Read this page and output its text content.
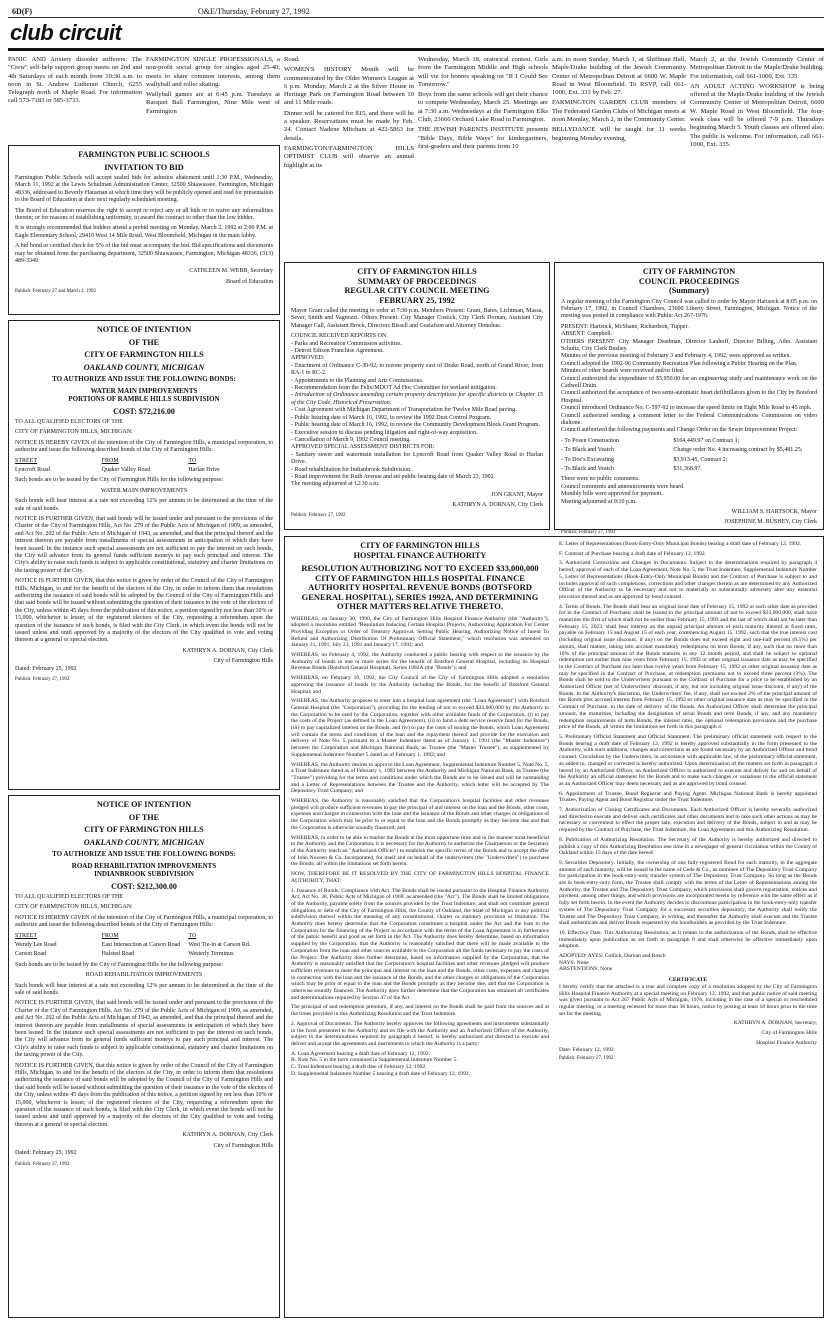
6D(F)	O&E/Thursday, February 27, 1992
club circuit

PANIC AND Anxiety disorder sufferers: The "Crew" self-help support group meets on 2nd and 4th Saturdays of each month from 10:30 a.m. to noon in St. Andrew Lutheran Church, 6255 Telegraph north of Maple Road. For information call 573-7183 or 585-3733.

FARMINGTON SINGLE PROFESSIONALS, a non-profit social group for singles aged 25-40, meets to share common interests, among them wallyball and roller skating.

Wallyball games are at 6:45 p.m. Tuesdays at Racquet Ball Farmington, Nine Mile west of Farmington

Road.

WOMEN'S HISTORY Month will be commemorated by the Older Women's League at 6 p.m. Monday, March 2 at the Silver House in Heritage Park on Farmington Road between 10 and 11 Mile roads.

Dinner will be catered for $15, and there will be a speaker. Reservations must be made by Feb. 24. Contact Nadene Mitcham at 422-5863 for details.

FARMINGTON/FARMINGTON HILLS OPTIMIST CLUB will observe an annual highlight at its

Wednesday, March 18, oratorical contest. Girls from the Farmington Middle and High schools will vie for honors speaking on "If I Could See Tomorrow."

Boys from the same schools will get their chance to compete Wednesday, March 25. Meetings are at 7:30 a.m. Wednesdays at the Farmington Elks Club, 23666 Orchard Lake Road in Farmington.

THE JEWISH PARENTS INSTITUTE presents "Bible Days, Bible Ways" for kindergartners, first-graders and their parents from 10

a.m. to noon Sunday, March 1, at Shiffman Hall, Maple/Drake building of the Jewish Community Center of Metropolitan Detroit at 6600 W. Maple Road in West Bloomfield. To RSVP, call 661-1000, Ext. 333 by Feb. 27.

FARMINGTON GARDEN CLUB members of The Federated Garden Clubs of Michigan meets at noon Monday, March 2, in the Community Center.

BELLYDANCE will be taught for 11 weeks beginning Monday evening,

March 2, at the Jewish Community Center of Metropolitan Detroit in the Maple/Drake building. For information, call 661-1000, Ext. 335.

AN ADULT ACTING WORKSHOP is being offered at the Maple/Drake building of the Jewish Community Center of Metropolitan Detroit, 6600 W. Maple Road in West Bloomfield. The four-week class will be offered 7-9 p.m. Thursdays beginning March 5. Youth classes are offered also. The public is welcome. For information, call 661-1000, Ext. 335.

FARMINGTON PUBLIC SCHOOLS
INVITATION TO BID

Farmington Public Schools will accept sealed bids for asbestos abatement until 1:30 P.M., Wednesday, March 11, 1992 at the Lewis Schulman Administration Center, 32500 Shiawassee, Farmington, Michigan 48336, addressed to Beverly Hausman at which time they will be publicly opened and read for presentation to the Board of Education at their next regularly scheduled meeting.

The Board of Education reserves the right to accept or reject any or all bids or to waive any informalities therein; or for reasons of establishing uniformity, to award the contract to other than the low bidder.

It is strongly recommended that bidders attend a prebid meeting on Monday, March 2, 1992 at 2:00 P.M. at Eagle Elementary School, 29410 West 14 Mile Road, West Bloomfield, Michigan in the main lobby.

A bid bond or certified check for 5% of the bid must accompany the bid. Bid specifications and documents may be obtained from the purchasing department, 32500 Shiawassee, Farmington, Michigan 48336, (313) 489-3349.

CATHLEEN M. WEBB, Secretary
Board of Education
Publish: February 27 and March 2, 1992
NOTICE OF INTENTION
OF THE
CITY OF FARMINGTON HILLS
OAKLAND COUNTY, MICHIGAN
TO AUTHORIZE AND ISSUE THE FOLLOWING BONDS:
WATER MAIN IMPROVEMENTS
PORTIONS OF RAMBLE HILLS SUBDIVISION
COST: $72,216.00

TO ALL QUALIFIED ELECTORS OF THE

CITY OF FARMINGTON HILLS, MICHIGAN:

NOTICE IS HEREBY GIVEN of the intention of the City of Farmington Hills, a municipal corporation, to authorize and issue the following described bonds of the City of Farmington Hills:

STREET	FROM	TO
Lyncroft Road	Quaker Valley Road	Harlan Drive

Such bonds are to be issued by the City of Farmington Hills for the following purpose:

WATER MAIN IMPROVEMENTS

Such bonds will bear interest at a rate not exceeding 12% per annum to be determined at the time of the sale of said bonds.

NOTICE IS FURTHER GIVEN, that said bonds will be issued under and pursuant to the provisions of the Charter of the City of Farmington Hills, Act No. 279 of the Public Acts of Michigan of 1909, as amended, and Act No. 202 of the Public Acts of Michigan of 1943, as amended, and that the principal thereof and the interest thereon are payable from installments of special assessments in anticipation of which they have been issued. In the instance such special assessments are not sufficient to pay the interest on such bonds, the City will advance from its general funds sufficient moneys to pay such principal and interest. The City's ability to raise such funds is subject to applicable constitutional, statutory and charter limitations on the taxing power of the City.

NOTICE IS FURTHER GIVEN, that this notice is given by order of the Council of the City of Farmington Hills, Michigan, to and for the benefit of the electors of the City, in order to inform them that resolutions authorizing the issuance of said bonds will be adopted by the Council of the City of Farmington Hills and that said bonds will be issued without submitting the question of their issuance to the vote of the electors of the City, unless within 45 days from the publication of this notice, a petition signed by not less than 10% or 15,000, whichever is lesser, of the registered electors of the City, requesting a referendum upon the question of the issuance of such bonds, is filed with the City Clerk, in which event the bonds will not be issued unless and until approved by a majority of the electors of the City qualified to vote and voting thereon at a general or special election.

KATHRYN A. DORNAN, City Clerk
City of Farmington Hills

Dated: February 25, 1992

Publish: February 27, 1992
NOTICE OF INTENTION
OF THE
CITY OF FARMINGTON HILLS
OAKLAND COUNTY, MICHIGAN
TO AUTHORIZE AND ISSUE THE FOLLOWING BONDS:
ROAD REHABILITATION IMPROVEMENTS
INDIANBROOK SUBDIVISION
COST: $212,300.00

TO ALL QUALIFIED ELECTORS OF THE

CITY OF FARMINGTON HILLS, MICHIGAN:

NOTICE IS HEREBY GIVEN of the intention of the City of Farmington Hills, a municipal corporation, to authorize and issue the following described bonds of the City of Farmington Hills:

STREET	FROM	TO
Wendy Lee Road	East Intersection at Carson Road	West Tie-in at Carson Rd.
Carson Road	Halsted Road	Westerly Terminus

Such bonds are to be issued by the City of Farmington Hills for the following purpose:

ROAD REHABILITATION IMPROVEMENTS

Such bonds will bear interest at a rate not exceeding 12% per annum to be determined at the time of the sale of said bonds.

NOTICE IS FURTHER GIVEN, that said bonds will be issued under and pursuant to the provisions of the Charter of the City of Farmington Hills, Act No. 279 of the Public Acts of Michigan of 1909, as amended, and Act No. 202 of the Public Acts of Michigan of 1943, as amended, and that the principal thereof and the interest thereon are payable from installments of special assessments in anticipation of which they have been issued. In the instance such special assessments are not sufficient to pay the interest on such bonds, the City will advance from its general funds sufficient moneys to pay such principal and interest. The City's ability to raise such funds is subject to applicable constitutional, statutory and charter limitations on the taxing power of the City.

NOTICE IS FURTHER GIVEN, that this notice is given by order of the Council of the City of Farmington Hills, Michigan, to and for the benefit of the electors of the City, in order to inform them that resolutions authorizing the issuance of said bonds will be adopted by the Council of the City of Farmington Hills and that said bonds will be issued without submitting the question of their issuance to the vote of the electors of the City, unless within 45 days from the publication of this notice, a petition signed by not less than 10% or 15,000, whichever is lesser, of the registered electors of the City, requesting a referendum upon the question of the issuance of such bonds, is filed with the City Clerk, in which event the bonds will not be issued unless and until approved by a majority of the electors of the City qualified to vote and voting thereon at a general or special election.

KATHRYN A. DORNAN, City Clerk
City of Farmington Hills

Dated: February 25, 1992

Publish: February 27, 1992
CITY OF FARMINGTON HILLS
SUMMARY OF PROCEEDINGS
REGULAR CITY COUNCIL MEETING
FEBRUARY 25, 1992

Mayor Grant called the meeting to order at 7:30 p.m. Members Present: Grant, Bates, Lichtman, Massa, Sever, Smith and Vagnozzi. Others Present: City Manager Costick, City Clerk Dornan, Assistant City Manager Call, Assistant Brock, Directors Bissell and Gustafson and Attorney Donohue.

COUNCIL RECEIVED REPORTS ON:
- Parks and Recreation Commission activities.
- Detroit Edison Franchise Agreement.
APPROVED:
- Enactment of Ordinance C-30-92, to rezone property east of Drake Road, north of Grand River, from RA-1 to RC-2.
- Appointments to the Planning and Arts Commissions.
- Recommendation from the Felix/MDOT Ad Hoc Committee for wetland mitigation.
- Introduction of Ordinance amending certain property descriptions for specific districts in Chapter 15 of the City Code, Historical Preservation.
- Cost Agreement with Michigan Department of Transportation for Twelve Mile Road paving.
- Public hearing date of March 16, 1992, to review the 1992 Dust Control Program.
- Public hearing date of March 16, 1992, to review the Community Development Block Grant Program.
- Executive session to discuss pending litigation and right-of-way acquisition.
- Cancellation of March 9, 1992 Council meeting.
APPROVED SPECIAL ASSESSMENT DISTRICTS FOR:
- Sanitary sewer and watermain installation for Lyncroft Road from Quaker Valley Road to Harlan Drive.
- Road rehabilitation for Indianbrook Subdivision.
- Road improvement for Ruth Avenue and set public hearing date of March 23, 1992.

The meeting adjourned at 12:30 a.m.

JON GRANT, Mayor
KATHRYN A. DORNAN, City Clerk
Publish: February 27, 1992
CITY OF FARMINGTON
COUNCIL PROCEEDINGS
(Summary)

A regular meeting of the Farmington City Council was called to order by Mayor Hartsock at 8:05 p.m. on February 17, 1992, in Council Chambers, 23600 Liberty Street, Farmington, Michigan. Notice of the meeting was posted in compliance with Public Act 267-1976.

PRESENT: Hartsock, McShane, Richardson, Tupper.
ABSENT: Campbell.
OTHERS PRESENT: City Manager Deadman, Director Lauhoff, Director Billing, Adm. Assistant Schultz, City Clerk Bushey.
Minutes of the previous meeting of February 3 and February 4, 1992, were approved as written.
Council adopted the 1992-96 Community Recreation Plan following a Public Hearing on the Plan.
Minutes of other boards were received and/or filed.
Council authorized the expenditure of $5,950.00 for an engineering study and maintenance work on the Cadwell Drain.
Council authorized the acceptance of two semi-automatic heart defibrillators given to the City by Botsford Hospital.
Council introduced Ordinance No. C-597-92 to increase the speed limits on Eight Mile Road to 45 mph.
Council authorized sending a comment letter to the Federal Communications Commission on video dialtone.
Council authorized the following payments and Change Order on the Sewer Improvement Project:
- To Posen Construction	$164,449.97 on Contract 1;
- To Black and Veatch	Change order No. 4 increasing contract by $5,481.25;
- To Doc's Excavating	$3,913.45, Contract 2;
- To Black and Veatch	$31,368.97.
There were no public comments.
Council comments and announcements were heard.
Monthly bills were approved for payment.
Meeting adjourned at 9:10 p.m.
WILLIAM S. HARTSOCK, Mayor
JOSEPHINE M. BUSHEY, City Clerk
Publish: February 27, 1992
CITY OF FARMINGTON HILLS
HOSPITAL FINANCE AUTHORITY
RESOLUTION AUTHORIZING NOT TO EXCEED $33,000,000 CITY OF FARMINGTON HILLS HOSPITAL FINANCE AUTHORITY HOSPITAL REVENUE BONDS (BOTSFORD GENERAL HOSPITAL), SERIES 1992A, AND DETERMINING OTHER MATTERS RELATIVE THERETO.

WHEREAS, on January 30, 1990, the City of Farmington Hills Hospital Finance Authority (the "Authority"), adopted a resolution entitled "Resolution Inducing Certain Hospital Projects, Authorizing Application For Center Providing Exception or Order of Treasury Approval, Setting Public Hearing, Authorizing Notice of Intent To Refund and Authorizing Distribution Of Preliminary Official Statement," which resolution was amended on January 31, 1991, July 23, 1991 and January 17, 1992; and

WHEREAS, on February 4, 1992, the Authority conducted a public hearing with respect to the issuance by the Authority of bonds in one or more series for the benefit of Botsford General Hospital, including its Hospital Revenue Bonds (Botsford General Hospital), Series 1992A (the "Bonds"); and

WHEREAS, on February 10, 1992, the City Council of the City of Farmington Hills adopted a resolution approving the issuance of bonds by the Authority including the Bonds, for the benefit of Botsford General Hospital; and

WHEREAS, the Authority proposes to enter into a hospital loan agreement (the "Loan Agreement") with Botsford General Hospital (the "Corporation"), providing for the lending of not to exceed $33,000,000 by the Authority to the Corporation to be used by the Corporation, together with other available funds of the Corporation, (i) to pay the costs of the Project (as defined in the Loan Agreement), (ii) to fund a debt service reserve fund for the Bonds, (iii) to pay capitalized interest on the Bonds, and (iv) to pay the costs of issuing the Bonds, which Loan Agreement will contain the terms and conditions of the loan and the repayment thereof and provide for the execution and delivery of Note No. 5 pursuant to a Master Indenture dated as of January 1, 1991 (the "Master Indenture") between the Corporation and Michigan National Bank, as Trustee (the "Master Trustee"), as supplemented by Supplemental Indenture Number 5 dated as of February 1, 1992; and

WHEREAS, the Authority desires to approve the Loan Agreement, Supplemental Indenture Number 5, Note No. 5, a Trust Indenture dated as of February 1, 1992 between the Authority and Michigan National Bank, as Trustee (the "Trustee") providing for the terms and conditions under which the Bonds are to be issued and will be outstanding and a Letter of Representations between the Trustee and the Authority, which letter will be accepted by The Depository Trust Company; and

WHEREAS, the Authority is reasonably satisfied that the Corporation's hospital facilities and other revenues pledged will produce sufficient revenues to pay the principal of and interest on the loan and the Bonds, other costs, expenses and charges in connection with the loan and the issuance of the Bonds and other charges or obligations of the Corporation which may be prior to or equal to the loan and the Bonds promptly as they become due and that the Corporation is otherwise soundly financed; and

WHEREAS, in order to be able to market the Bonds at the most opportune time and in the manner most beneficial to the Authority and the Corporation, it is necessary for the Authority to authorize the Chairperson or the Secretary of the Authority (each an "Authorized Officer") to establish the specific terms of the Bonds and to accept the offer of John Nuveen & Co. Incorporated, for itself and on behalf of the underwriters (the "Underwriters") to purchase the Bonds, all within the limitations set forth herein.

NOW, THEREFORE BE IT RESOLVED BY THE CITY OF FARMINGTON HILLS HOSPITAL FINANCE AUTHORITY, THAT:

1. Issuance of Bonds; Compliance with Act. The Bonds shall be issued pursuant to the Hospital Finance Authority Act, Act No. 38, Public Acts of Michigan of 1969, as amended (the "Act"). The Bonds shall be limited obligations of the Authority, payable solely from the sources provided by the Trust Indenture, and shall not constitute general obligations or debt of the City of Farmington Hills, the County of Oakland, the State of Michigan or any political subdivision thereof within the meaning of any constitutional, charter or statutory provision or limitation. The Authority does hereby determine that the Corporation constitutes a hospital under the Act and the loan to the Corporation for the financing of the Project in accordance with the terms of the Loan Agreement is in furtherance of the public benefit and good as set forth in the Act. The Authority does hereby determine, based on information supplied by the Corporation, that the Authority is reasonably satisfied that there will be made available to the Corporation from the loan and other sources available to the Corporation all the funds necessary to pay the costs of the Project. The Authority does further determine, based on information supplied by the Corporation, that the Authority is reasonably satisfied that the Corporation's hospital facilities and other revenues pledged will produce sufficient revenues to meet the principal and interest on the loan and the Bonds, other costs, expenses and charges in connection with the loan and the issuance of the Bonds, and the other charges or obligations of the Corporation which may be prior or equal to the loan and the Bonds promptly as they become due, and that the Corporation is otherwise soundly financed. The Authority does further determine that the Corporation has obtained all certificates and determinations required by Section 47 of the Act.

The principal of and redemption premium, if any, and interest on the Bonds shall be paid from the sources and at the times provided in this Authorizing Resolution and the Trust Indenture.

2. Approval of Documents. The Authority hereby approves the following agreements and instruments substantially in the form presented to the Authority and on file with the Authority and an Authorized Officer of the Authority, subject to the determinations required by paragraph 4 hereof, is hereby authorized and directed to execute and deliver and accept the agreements and instruments to which the Authority is a party:

A. Loan Agreement bearing a draft date of February 12, 1992.
B. Note No. 5 in the form contained in Supplemental Indenture Number 5.
C. Trust Indenture bearing a draft date of February 12, 1992.
D. Supplemental Indenture Number 5 bearing a draft date of February 12, 1992.

E. Letter of Representations (Book-Entry-Only Municipal Bonds) bearing a draft date of February 12, 1992.

F. Contract of Purchase bearing a draft date of February 12, 1992.

3. Authorized Corrections and Changes in Documents. Subject to the determinations required by paragraph 4 hereof, approval of each of the Loan Agreement, Note No. 5, the Trust Indenture, Supplemental Indenture Number 5, Letter of Representations (Book-Entry-Only Municipal Bonds) and the Contract of Purchase is subject to and includes approval of such completions, corrections and other changes therein as are determined by any Authorized Officer of the Authority to be necessary and not to materially or substantially adversely alter any essential provision thereof and as are approved by bond counsel.

4. Terms of Bonds. The Bonds shall bear an original issue date of February 15, 1992 or such other date as provided for in the Contract of Purchase; shall be issued in the principal amount of not to exceed $33,000,000, shall have maturities the first of which shall not be earlier than February 15, 1993 and the last of which shall not be later than February 15, 2023, shall bear interest on the unpaid principal amount of each maturity thereof at fixed rates, payable on February 15 and August 15 of each year, commencing August 15, 1992, such that the true interest cost (including original issue discount, if any) on the Bonds does not exceed eight and one-half percent (8.5%) per annum, shall mature, taking into account mandatory redemptions on term Bonds, if any, such that no more than 10% of the principal amount of the Bonds matures in any 12 month period, and shall be subject to optional redemption not earlier than nine years from February 15, 1992 or other original issuance date as may be specified in the Contract of Purchase nor later than twelve years from February 15, 1992 or other original issuance date as may be specified in the Contract of Purchase, at redemption premiums not to exceed three percent (3%). The Bonds shall be sold to the Underwriters pursuant to the Contract of Purchase for a price to be established by an Authorized Officer (net of Underwriters' discount, if any, but not including original issue discount, if any) of the Bonds. In the Authority's discretion, the Underwriters' fee, if any, shall not exceed 2% of the principal amount of the Bonds plus accrued interest from February 15, 1992 or other original issuance date as may be specified in the Contract of Purchase, to the date of delivery of the Bonds. An Authorized Officer shall determine the principal amount, the maturities, including the designation of serial Bonds and term Bonds, if any, and any mandatory redemption requirements of term Bonds, the interest rates, the optional redemption provisions and the purchase price of the Bonds, all within the limitations set forth in this paragraph 4.

5. Preliminary Official Statement and Official Statement. The preliminary official statement with respect to the Bonds bearing a draft date of February 12, 1992 is hereby approved substantially in the form presented to the Authority, with such additions, changes and corrections as are found necessary by an Authorized Officer and bond counsel. Circulation by the Underwriters, in accordance with applicable law, of the preliminary official statement, as added to, changed or corrected is hereby authorized. Upon determination of the matters set forth in paragraph 4 hereof by an Authorized Officer, an Authorized Officer is authorized to execute and deliver for and on behalf of the Authority an official statement for the Bonds and to make such changes or variations to the official statement as an Authorized Officer may deem necessary and as are approved by bond counsel.

6. Appointment of Trustee, Bond Registrar and Paying Agent. Michigan National Bank is hereby appointed Trustee, Paying Agent and Bond Registrar under the Trust Indenture.

7. Authorization of Closing Certificates and Documents. Each Authorized Officer is hereby severally authorized and directed to execute and deliver such certificates and other documents and to take such other actions as may be necessary or convenient to effect the proper sale, execution and delivery of the Bonds, subject to and as may be required by the Contract of Purchase, the Trust Indenture, the Loan Agreement and this Authorizing Resolution.

8. Publication of Authorizing Resolution. The Secretary of the Authority is hereby authorized and directed to publish a copy of this Authorizing Resolution one time in a newspaper of general circulation within the County of Oakland within 15 days of the date hereof.

9. Securities Depository. Initially, the ownership of one fully-registered Bond for each maturity, in the aggregate amount of such maturity, will be issued in the name of Cede & Co., as nominee of The Depository Trust Company for participation in the book-entry-only transfer system of The Depository Trust Company. So long as the Bonds are in book-entry-only form, the Trustee shall comply with the terms of the Letter of Representations among the Authority, the Trustee and The Depository Trust Company, which provisions shall govern registration, notices and payment, among other things, and which provisions are incorporated herein by reference with the same effect as if fully set forth herein. In the event the Authority decides to discontinue participation in the book-entry-only transfer system of The Depository Trust Company for a successor securities depository, the Authority shall notify the Trustee and The Depository Trust Company, in writing, and thereafter the Authority shall execute and the Trustee shall authenticate and deliver Bonds requested by the bondholders as provided by the Trust Indenture.

10. Effective Date. This Authorizing Resolution, as it relates to the authorization of the Bonds, shall be effective immediately upon publication as set forth in paragraph 8 and shall otherwise be effective immediately upon adoption.

ADOPTED: AYES: Cotlick, Dornan and Rosch
NAYS: None
ABSTENTIONS: None
CERTIFICATE

I hereby certify that the attached is a true and complete copy of a resolution adopted by the City of Farmington Hills Hospital Finance Authority at a special meeting on February 12, 1992, and that public notice of said meeting was given pursuant to Act 267 Public Acts of Michigan, 1976, including in the case of a special or rescheduled regular meeting, or a meeting recessed for more than 36 hours, notice by posting at least 18 hours prior to the time set for the meeting.

KATHRYN A. DORNAN, Secretary,
City of Farmington Hills
Hospital Finance Authority

Date: February 12, 1992

Publish: February 27, 1992
